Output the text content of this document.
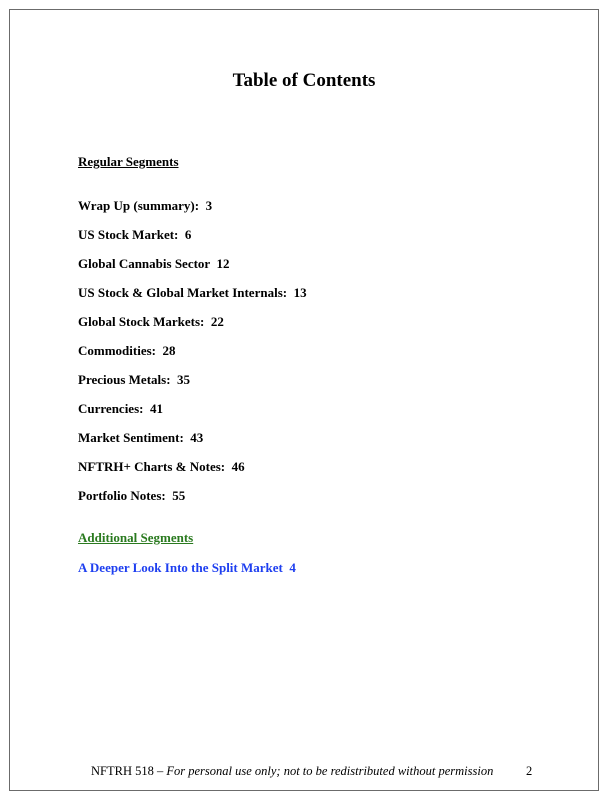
Table of Contents
Regular Segments
Wrap Up (summary): 3
US Stock Market: 6
Global Cannabis Sector 12
US Stock & Global Market Internals: 13
Global Stock Markets: 22
Commodities: 28
Precious Metals: 35
Currencies: 41
Market Sentiment: 43
NFTRH+ Charts & Notes: 46
Portfolio Notes: 55
Additional Segments
A Deeper Look Into the Split Market 4
NFTRH 518 – For personal use only; not to be redistributed without permission	2
